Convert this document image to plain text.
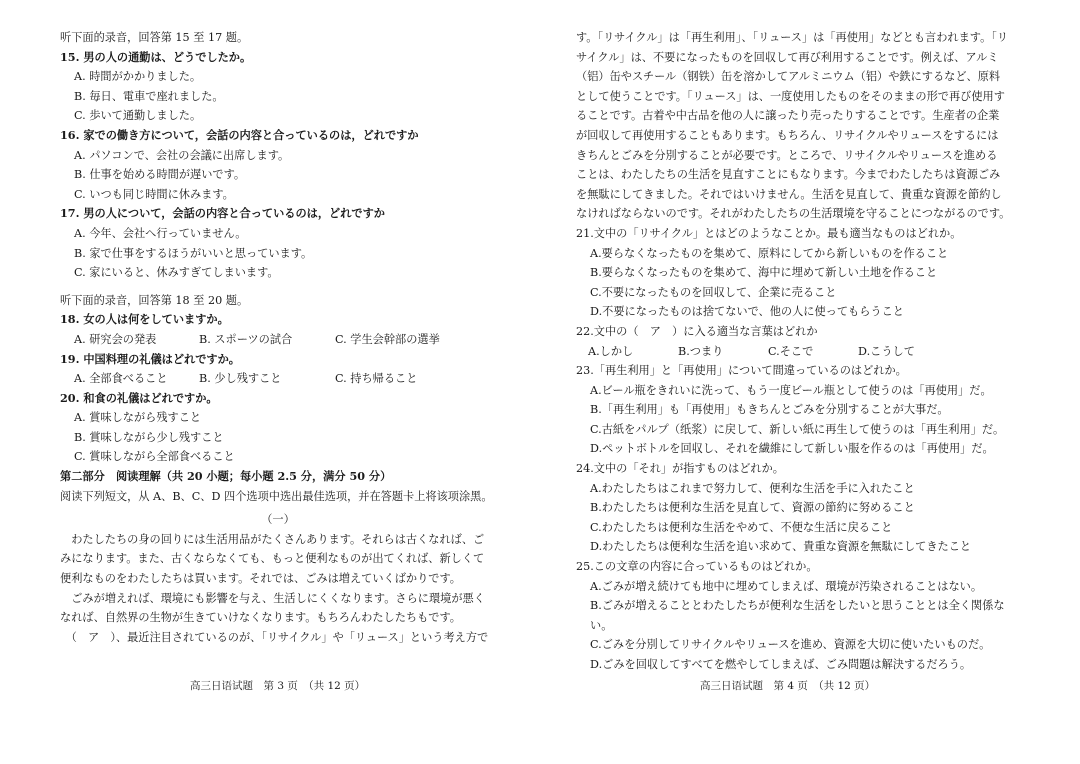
听下面的录音，回答第 15 至 17 题。
15. 男の人の通勤は、どうでしたか。
A. 時間がかかりました。
B. 毎日、電車で座れました。
C. 歩いて通勤しました。
16. 家での働き方について，会話の内容と合っているのは，どれですか
A. パソコンで、会社の会議に出席します。
B. 仕事を始める時間が遅いです。
C. いつも同じ時間に休みます。
17. 男の人について，会話の内容と合っているのは，どれですか
A. 今年、会社へ行っていません。
B. 家で仕事をするほうがいいと思っています。
C. 家にいると、休みすぎてしまいます。
听下面的录音，回答第 18 至 20 题。
18. 女の人は何をしていますか。
A. 研究会の発表	B. スポーツの試合	C. 学生会幹部の選挙
19. 中国料理の礼儀はどれですか。
A. 全部食べること	B. 少し残すこと	C. 持ち帰ること
20. 和食の礼儀はどれですか。
A. 賞味しながら残すこと
B. 賞味しながら少し残すこと
C. 賞味しながら全部食べること
第二部分　阅读理解（共 20 小题；每小题 2.5 分，满分 50 分）
阅读下列短文，从 A、B、C、D 四个选项中选出最佳选项，并在答题卡上将该项涂黑。
（一）
　わたしたちの身の回りには生活用品がたくさんあります。それらは古くなれば、ご
みになります。また、古くならなくても、もっと便利なものが出てくれば、新しくて
便利なものをわたしたちは買います。それでは、ごみは増えていくばかりです。
　ごみが増えれば、環境にも影響を与え、生活しにくくなります。さらに環境が悪く
なれば、自然界の生物が生きていけなくなります。もちろんわたしたちもです。
　（　ア　）、最近注目されているのが、「リサイクル」や「リュース」という考え方で
高三日语试题　第 3 页　（共 12 页）
す。「リサイクル」は「再生利用」、「リュース」は「再使用」などとも言われます。「リ
サイクル」は、不要になったものを回収して再び利用することです。例えば、アルミ
（铝）缶やスチール（钢铁）缶を溶かしてアルミニウム（铝）や鉄にするなど、原料
として使うことです。「リュース」は、一度使用したものをそのままの形で再び使用す
ることです。古着や中古品を他の人に譲ったり売ったりすることです。生産者の企業
が回収して再使用することもあります。もちろん、リサイクルやリュースをするには
きちんとごみを分別することが必要です。ところで、リサイクルやリュースを進める
ことは、わたしたちの生活を見直すことにもなります。今までわたしたちは資源ごみ
を無駄にしてきました。それではいけません。生活を見直して、貴重な資源を節約し
なければならないのです。それがわたしたちの生活環境を守ることにつながるのです。
21.文中の「リサイクル」とはどのようなことか。最も適当なものはどれか。
A.要らなくなったものを集めて、原料にしてから新しいものを作ること
B.要らなくなったものを集めて、海中に埋めて新しい土地を作ること
C.不要になったものを回収して、企業に売ること
D.不要になったものは捨てないで、他の人に使ってもらうこと
22.文中の（　ア　）に入る適当な言葉はどれか
A.しかし	B.つまり	C.そこで	D.こうして
23.「再生利用」と「再使用」について間違っているのはどれか。
A.ビール瓶をきれいに洗って、もう一度ビール瓶として使うのは「再使用」だ。
B.「再生利用」も「再使用」もきちんとごみを分別することが大事だ。
C.古紙をパルプ（纸浆）に戻して、新しい紙に再生して使うのは「再生利用」だ。
D.ペットボトルを回収し、それを繊維にして新しい服を作るのは「再使用」だ。
24.文中の「それ」が指すものはどれか。
A.わたしたちはこれまで努力して、便利な生活を手に入れたこと
B.わたしたちは便利な生活を見直して、資源の節約に努めること
C.わたしたちは便利な生活をやめて、不便な生活に戻ること
D.わたしたちは便利な生活を追い求めて、貴重な資源を無駄にしてきたこと
25.この文章の内容に合っているものはどれか。
A.ごみが増え続けても地中に埋めてしまえば、環境が汚染されることはない。
B.ごみが増えることとわたしたちが便利な生活をしたいと思うこととは全く関係な
い。
C.ごみを分別してリサイクルやリュースを進め、資源を大切に使いたいものだ。
D.ごみを回収してすべてを燃やしてしまえば、ごみ問題は解決するだろう。
高三日语试题　第 4 页　（共 12 页）
